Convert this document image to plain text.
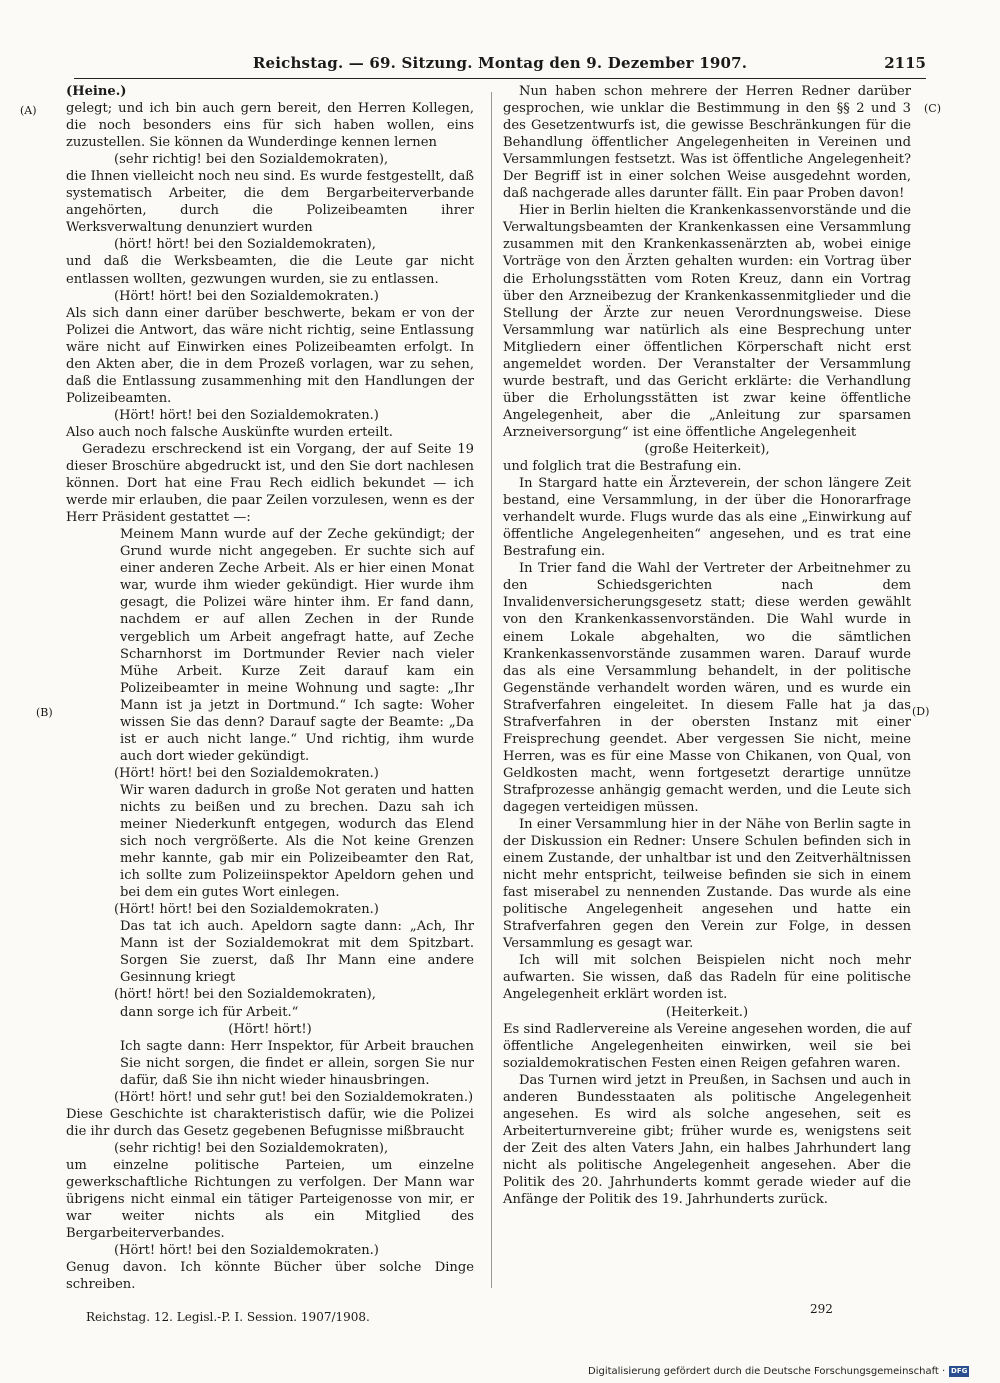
Reichstag. — 69. Sitzung. Montag den 9. Dezember 1907.	2115
(A)
(B)
(C)
(D)

(Heine.)

gelegt; und ich bin auch gern bereit, den Herren Kollegen, die noch besonders eins für sich haben wollen, eins zuzustellen. Sie können da Wunderdinge kennen lernen

(sehr richtig! bei den Sozialdemokraten),

die Ihnen vielleicht noch neu sind. Es wurde festgestellt, daß systematisch Arbeiter, die dem Bergarbeiterverbande angehörten, durch die Polizeibeamten ihrer Werksverwaltung denunziert wurden

(hört! hört! bei den Sozialdemokraten),

und daß die Werksbeamten, die die Leute gar nicht entlassen wollten, gezwungen wurden, sie zu entlassen.

(Hört! hört! bei den Sozialdemokraten.)

Als sich dann einer darüber beschwerte, bekam er von der Polizei die Antwort, das wäre nicht richtig, seine Entlassung wäre nicht auf Einwirken eines Polizeibeamten erfolgt. In den Akten aber, die in dem Prozeß vorlagen, war zu sehen, daß die Entlassung zusammenhing mit den Handlungen der Polizeibeamten.

(Hört! hört! bei den Sozialdemokraten.)

Also auch noch falsche Auskünfte wurden erteilt.

Geradezu erschreckend ist ein Vorgang, der auf Seite 19 dieser Broschüre abgedruckt ist, und den Sie dort nachlesen können. Dort hat eine Frau Rech eidlich bekundet — ich werde mir erlauben, die paar Zeilen vorzulesen, wenn es der Herr Präsident gestattet —:

Meinem Mann wurde auf der Zeche gekündigt; der Grund wurde nicht angegeben. Er suchte sich auf einer anderen Zeche Arbeit. Als er hier einen Monat war, wurde ihm wieder gekündigt. Hier wurde ihm gesagt, die Polizei wäre hinter ihm. Er fand dann, nachdem er auf allen Zechen in der Runde vergeblich um Arbeit angefragt hatte, auf Zeche Scharnhorst im Dortmunder Revier nach vieler Mühe Arbeit. Kurze Zeit darauf kam ein Polizeibeamter in meine Wohnung und sagte: „Ihr Mann ist ja jetzt in Dortmund.“ Ich sagte: Woher wissen Sie das denn? Darauf sagte der Beamte: „Da ist er auch nicht lange.“ Und richtig, ihm wurde auch dort wieder gekündigt.

(Hört! hört! bei den Sozialdemokraten.)

Wir waren dadurch in große Not geraten und hatten nichts zu beißen und zu brechen. Dazu sah ich meiner Niederkunft entgegen, wodurch das Elend sich noch vergrößerte. Als die Not keine Grenzen mehr kannte, gab mir ein Polizeibeamter den Rat, ich sollte zum Polizeiinspektor Apeldorn gehen und bei dem ein gutes Wort einlegen.

(Hört! hört! bei den Sozialdemokraten.)

Das tat ich auch. Apeldorn sagte dann: „Ach, Ihr Mann ist der Sozialdemokrat mit dem Spitzbart. Sorgen Sie zuerst, daß Ihr Mann eine andere Gesinnung kriegt

(hört! hört! bei den Sozialdemokraten),

dann sorge ich für Arbeit.“

(Hört! hört!)

Ich sagte dann: Herr Inspektor, für Arbeit brauchen Sie nicht sorgen, die findet er allein, sorgen Sie nur dafür, daß Sie ihn nicht wieder hinausbringen.

(Hört! hört! und sehr gut! bei den Sozialdemokraten.)

Diese Geschichte ist charakteristisch dafür, wie die Polizei die ihr durch das Gesetz gegebenen Befugnisse mißbraucht

(sehr richtig! bei den Sozialdemokraten),

um einzelne politische Parteien, um einzelne gewerkschaftliche Richtungen zu verfolgen. Der Mann war übrigens nicht einmal ein tätiger Parteigenosse von mir, er war weiter nichts als ein Mitglied des Bergarbeiterverbandes.

(Hört! hört! bei den Sozialdemokraten.)

Genug davon. Ich könnte Bücher über solche Dinge schreiben.

Nun haben schon mehrere der Herren Redner darüber gesprochen, wie unklar die Bestimmung in den §§ 2 und 3 des Gesetzentwurfs ist, die gewisse Beschränkungen für die Behandlung öffentlicher Angelegenheiten in Vereinen und Versammlungen festsetzt. Was ist öffentliche Angelegenheit? Der Begriff ist in einer solchen Weise ausgedehnt worden, daß nachgerade alles darunter fällt. Ein paar Proben davon!

Hier in Berlin hielten die Krankenkassenvorstände und die Verwaltungsbeamten der Krankenkassen eine Versammlung zusammen mit den Krankenkassenärzten ab, wobei einige Vorträge von den Ärzten gehalten wurden: ein Vortrag über die Erholungsstätten vom Roten Kreuz, dann ein Vortrag über den Arzneibezug der Krankenkassenmitglieder und die Stellung der Ärzte zur neuen Verordnungsweise. Diese Versammlung war natürlich als eine Besprechung unter Mitgliedern einer öffentlichen Körperschaft nicht erst angemeldet worden. Der Veranstalter der Versammlung wurde bestraft, und das Gericht erklärte: die Verhandlung über die Erholungsstätten ist zwar keine öffentliche Angelegenheit, aber die „Anleitung zur sparsamen Arzneiversorgung“ ist eine öffentliche Angelegenheit

(große Heiterkeit),

und folglich trat die Bestrafung ein.

In Stargard hatte ein Ärzteverein, der schon längere Zeit bestand, eine Versammlung, in der über die Honorarfrage verhandelt wurde. Flugs wurde das als eine „Einwirkung auf öffentliche Angelegenheiten“ angesehen, und es trat eine Bestrafung ein.

In Trier fand die Wahl der Vertreter der Arbeitnehmer zu den Schiedsgerichten nach dem Invalidenversicherungsgesetz statt; diese werden gewählt von den Krankenkassenvorständen. Die Wahl wurde in einem Lokale abgehalten, wo die sämtlichen Krankenkassenvorstände zusammen waren. Darauf wurde das als eine Versammlung behandelt, in der politische Gegenstände verhandelt worden wären, und es wurde ein Strafverfahren eingeleitet. In diesem Falle hat ja das Strafverfahren in der obersten Instanz mit einer Freisprechung geendet. Aber vergessen Sie nicht, meine Herren, was es für eine Masse von Chikanen, von Qual, von Geldkosten macht, wenn fortgesetzt derartige unnütze Strafprozesse anhängig gemacht werden, und die Leute sich dagegen verteidigen müssen.

In einer Versammlung hier in der Nähe von Berlin sagte in der Diskussion ein Redner: Unsere Schulen befinden sich in einem Zustande, der unhaltbar ist und den Zeitverhältnissen nicht mehr entspricht, teilweise befinden sie sich in einem fast miserabel zu nennenden Zustande. Das wurde als eine politische Angelegenheit angesehen und hatte ein Strafverfahren gegen den Verein zur Folge, in dessen Versammlung es gesagt war.

Ich will mit solchen Beispielen nicht noch mehr aufwarten. Sie wissen, daß das Radeln für eine politische Angelegenheit erklärt worden ist.

(Heiterkeit.)

Es sind Radlervereine als Vereine angesehen worden, die auf öffentliche Angelegenheiten einwirken, weil sie bei sozialdemokratischen Festen einen Reigen gefahren waren.

Das Turnen wird jetzt in Preußen, in Sachsen und auch in anderen Bundesstaaten als politische Angelegenheit angesehen. Es wird als solche angesehen, seit es Arbeiterturnvereine gibt; früher wurde es, wenigstens seit der Zeit des alten Vaters Jahn, ein halbes Jahrhundert lang nicht als politische Angelegenheit angesehen. Aber die Politik des 20. Jahrhunderts kommt gerade wieder auf die Anfänge der Politik des 19. Jahrhunderts zurück.

Reichstag. 12. Legisl.-P. I. Session. 1907/1908.
292
Digitalisierung gefördert durch die Deutsche Forschungsgemeinschaft · DFG
